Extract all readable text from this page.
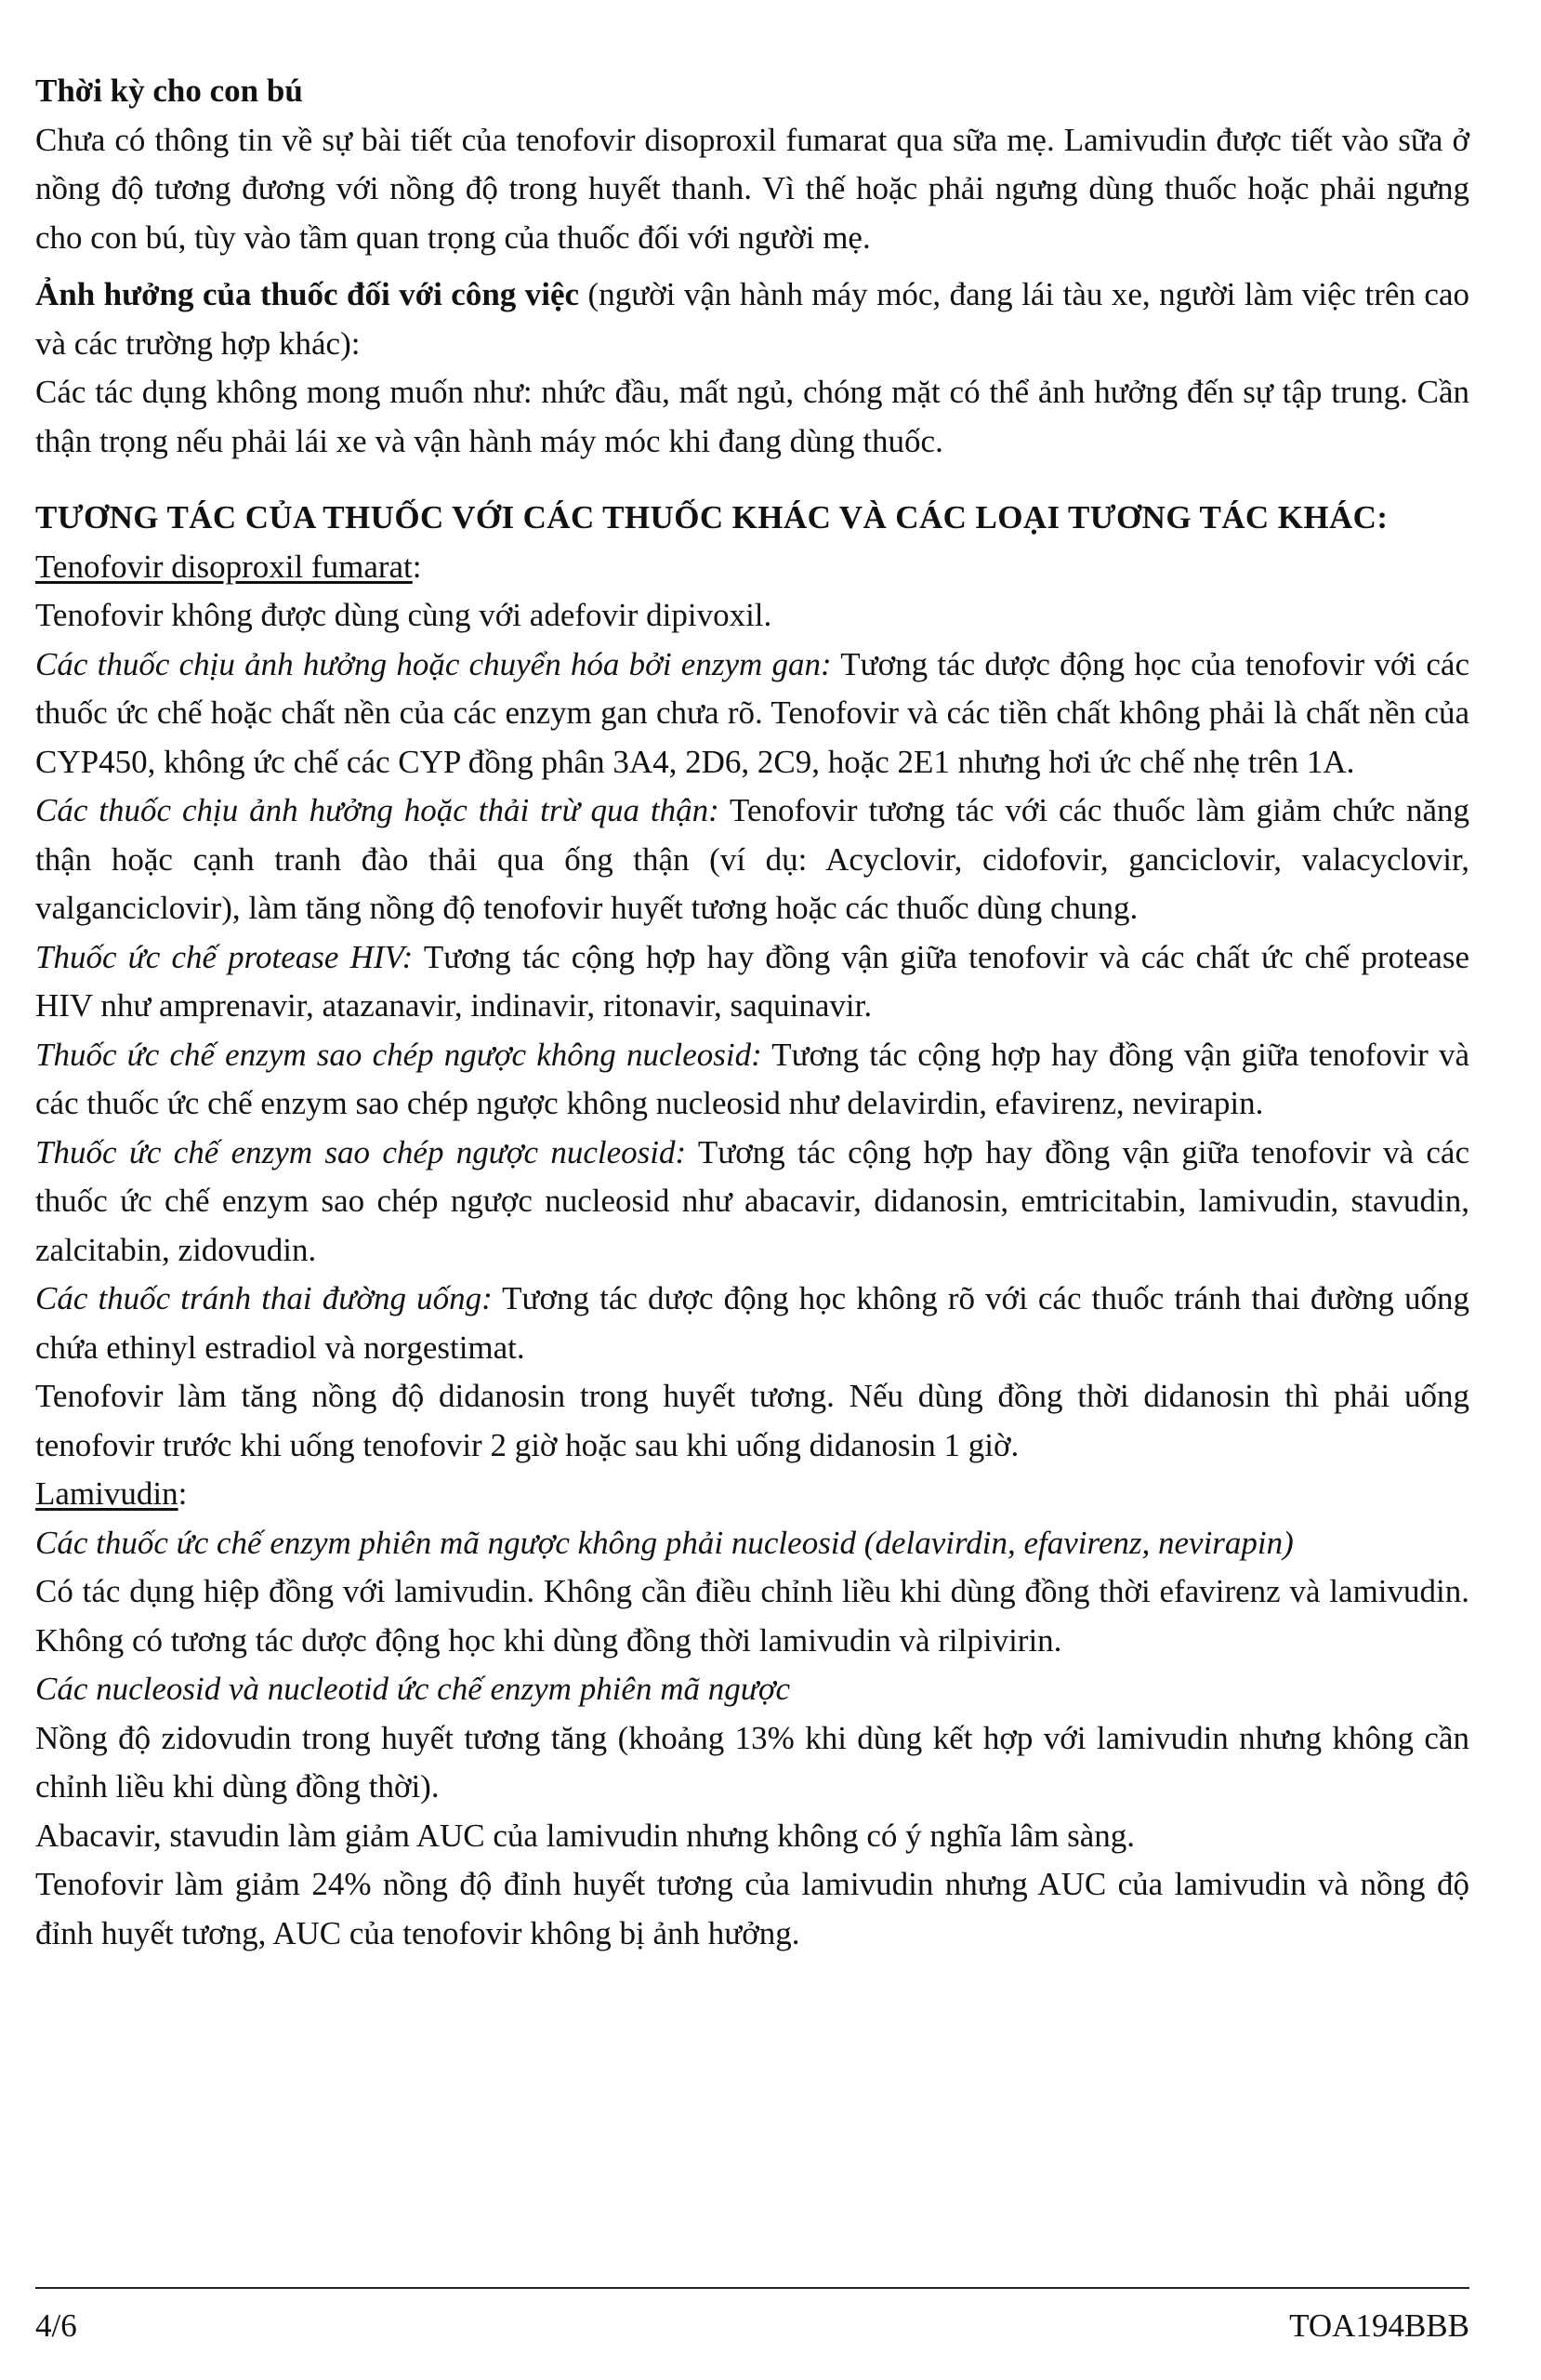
Thời kỳ cho con bú

Chưa có thông tin về sự bài tiết của tenofovir disoproxil fumarat qua sữa mẹ. Lamivudin được tiết vào sữa ở nồng độ tương đương với nồng độ trong huyết thanh. Vì thế hoặc phải ngưng dùng thuốc hoặc phải ngưng cho con bú, tùy vào tầm quan trọng của thuốc đối với người mẹ.

Ảnh hưởng của thuốc đối với công việc (người vận hành máy móc, đang lái tàu xe, người làm việc trên cao và các trường hợp khác):

Các tác dụng không mong muốn như: nhức đầu, mất ngủ, chóng mặt có thể ảnh hưởng đến sự tập trung. Cần thận trọng nếu phải lái xe và vận hành máy móc khi đang dùng thuốc.

TƯƠNG TÁC CỦA THUỐC VỚI CÁC THUỐC KHÁC VÀ CÁC LOẠI TƯƠNG TÁC KHÁC:

Tenofovir disoproxil fumarat:

Tenofovir không được dùng cùng với adefovir dipivoxil.

Các thuốc chịu ảnh hưởng hoặc chuyển hóa bởi enzym gan: Tương tác dược động học của tenofovir với các thuốc ức chế hoặc chất nền của các enzym gan chưa rõ. Tenofovir và các tiền chất không phải là chất nền của CYP450, không ức chế các CYP đồng phân 3A4, 2D6, 2C9, hoặc 2E1 nhưng hơi ức chế nhẹ trên 1A.

Các thuốc chịu ảnh hưởng hoặc thải trừ qua thận: Tenofovir tương tác với các thuốc làm giảm chức năng thận hoặc cạnh tranh đào thải qua ống thận (ví dụ: Acyclovir, cidofovir, ganciclovir, valacyclovir, valganciclovir), làm tăng nồng độ tenofovir huyết tương hoặc các thuốc dùng chung.

Thuốc ức chế protease HIV: Tương tác cộng hợp hay đồng vận giữa tenofovir và các chất ức chế protease HIV như amprenavir, atazanavir, indinavir, ritonavir, saquinavir.

Thuốc ức chế enzym sao chép ngược không nucleosid: Tương tác cộng hợp hay đồng vận giữa tenofovir và các thuốc ức chế enzym sao chép ngược không nucleosid như delavirdin, efavirenz, nevirapin.

Thuốc ức chế enzym sao chép ngược nucleosid: Tương tác cộng hợp hay đồng vận giữa tenofovir và các thuốc ức chế enzym sao chép ngược nucleosid như abacavir, didanosin, emtricitabin, lamivudin, stavudin, zalcitabin, zidovudin.

Các thuốc tránh thai đường uống: Tương tác dược động học không rõ với các thuốc tránh thai đường uống chứa ethinyl estradiol và norgestimat.

Tenofovir làm tăng nồng độ didanosin trong huyết tương. Nếu dùng đồng thời didanosin thì phải uống tenofovir trước khi uống tenofovir 2 giờ hoặc sau khi uống didanosin 1 giờ.

Lamivudin:

Các thuốc ức chế enzym phiên mã ngược không phải nucleosid (delavirdin, efavirenz, nevirapin)

Có tác dụng hiệp đồng với lamivudin. Không cần điều chỉnh liều khi dùng đồng thời efavirenz và lamivudin. Không có tương tác dược động học khi dùng đồng thời lamivudin và rilpivirin.

Các nucleosid và nucleotid ức chế enzym phiên mã ngược

Nồng độ zidovudin trong huyết tương tăng (khoảng 13% khi dùng kết hợp với lamivudin nhưng không cần chỉnh liều khi dùng đồng thời).

Abacavir, stavudin làm giảm AUC của lamivudin nhưng không có ý nghĩa lâm sàng.

Tenofovir làm giảm 24% nồng độ đỉnh huyết tương của lamivudin nhưng AUC của lamivudin và nồng độ đỉnh huyết tương, AUC của tenofovir không bị ảnh hưởng.

4/6	TOA194BBB
